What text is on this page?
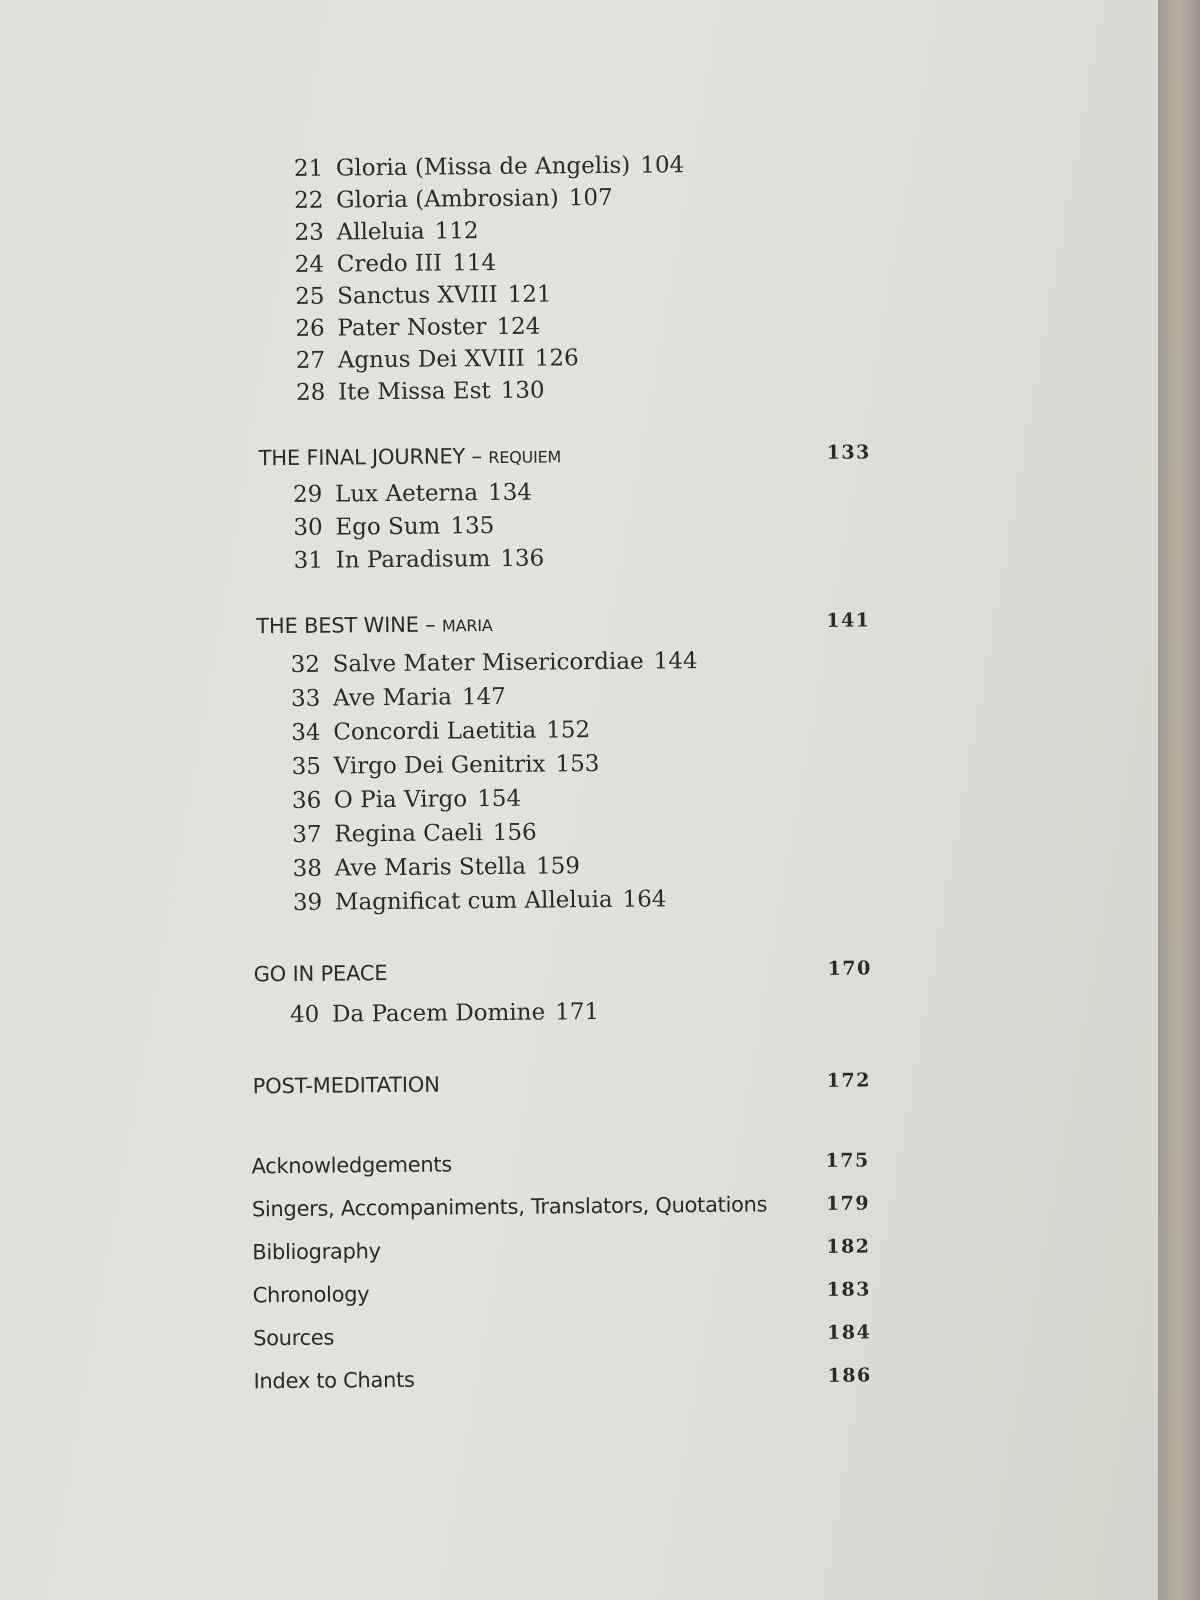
21 Gloria (Missa de Angelis) 104
22 Gloria (Ambrosian) 107
23 Alleluia 112
24 Credo III 114
25 Sanctus XVIII 121
26 Pater Noster 124
27 Agnus Dei XVIII 126
28 Ite Missa Est 130
THE FINAL JOURNEY – REQUIEM	133
29 Lux Aeterna 134
30 Ego Sum 135
31 In Paradisum 136
THE BEST WINE – MARIA	141
32 Salve Mater Misericordiae 144
33 Ave Maria 147
34 Concordi Laetitia 152
35 Virgo Dei Genitrix 153
36 O Pia Virgo 154
37 Regina Caeli 156
38 Ave Maris Stella 159
39 Magnificat cum Alleluia 164
GO IN PEACE	170
40 Da Pacem Domine 171
POST-MEDITATION	172
Acknowledgements	175
Singers, Accompaniments, Translators, Quotations	179
Bibliography	182
Chronology	183
Sources	184
Index to Chants	186
